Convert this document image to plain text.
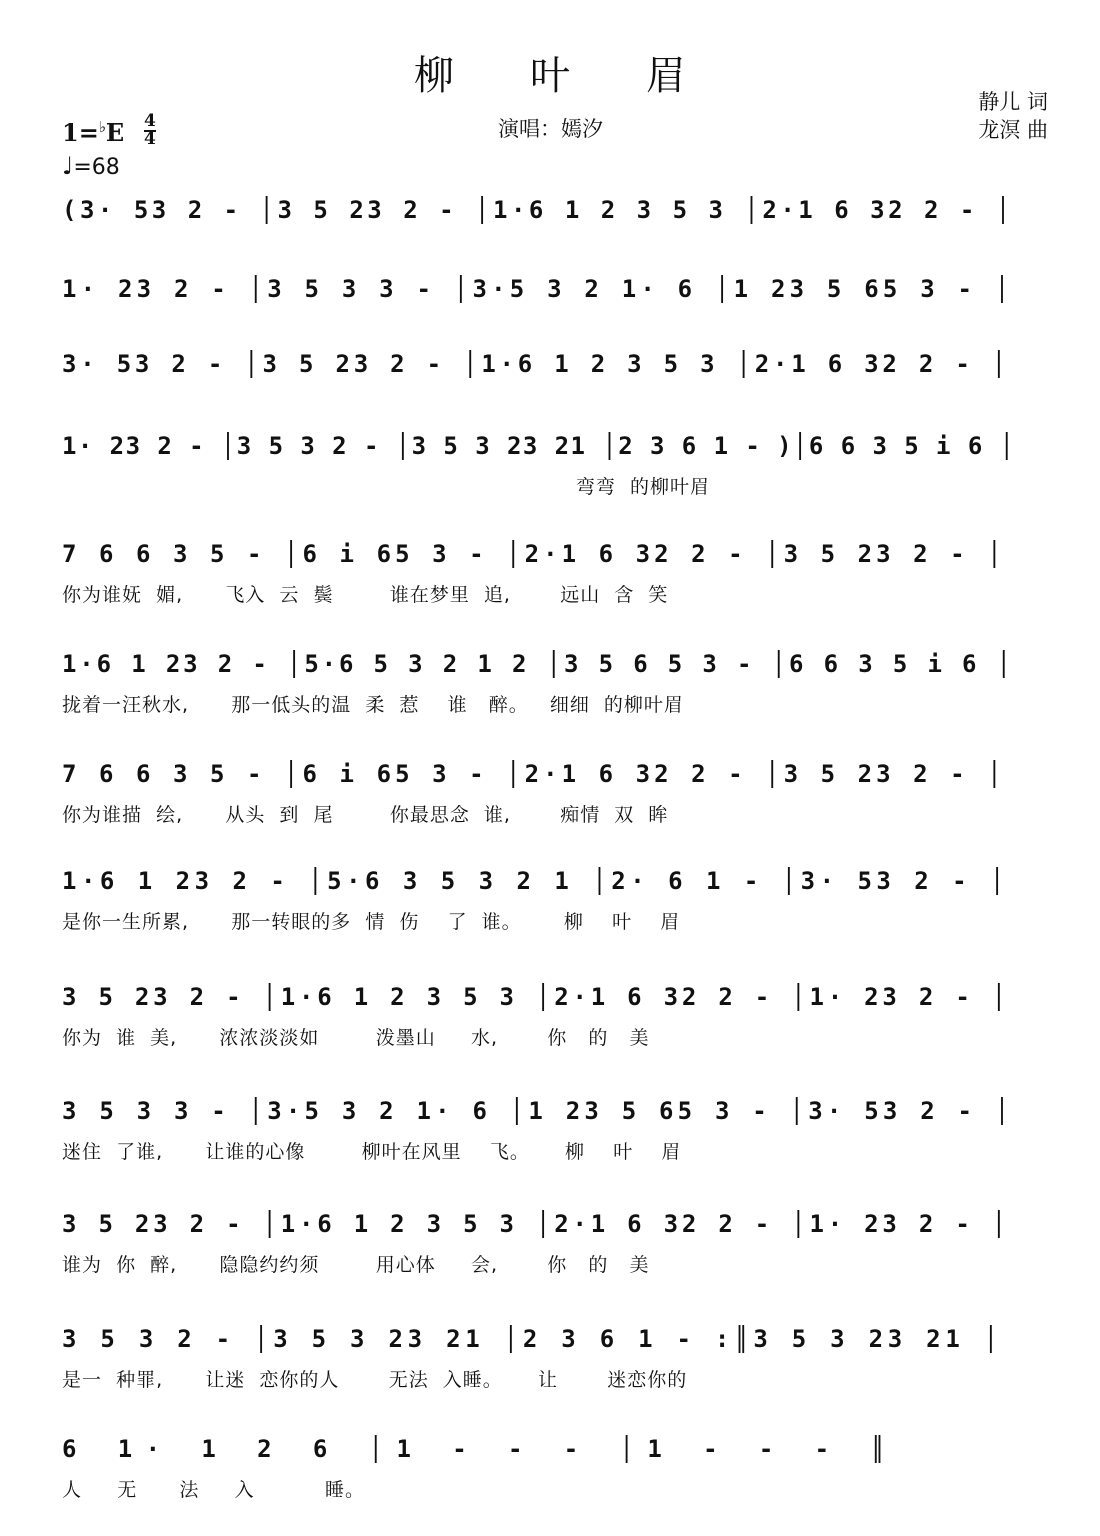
柳 叶 眉
静儿 词
龙溟 曲
演唱：嫣汐
1=♭E 4
4
♩=68
(3· 53 2 - │3 5 23 2 - │1·6 1 2 3 5 3 │2·1 6 32 2 - │
1· 23 2 - │3 5 3 3 - │3·5 3 2 1· 6 │1 23 5 65 3 - │
3· 53 2 - │3 5 23 2 - │1·6 1 2 3 5 3 │2·1 6 32 2 - │
1· 23 2 - │3 5 3 2 - │3 5 3 23 21 │2 3 6 1 - )│6 6 3 5 i 6 │
弯弯  的柳叶眉
7 6 6 3 5 - │6 i 65 3 - │2·1 6 32 2 - │3 5 23 2 - │
你为谁妩  媚,      飞入  云  鬓        谁在梦里  追,       远山  含  笑
1·6 1 23 2 - │5·6 5 3 2 1 2 │3 5 6 5 3 - │6 6 3 5 i 6 │
拢着一汪秋水,      那一低头的温  柔  惹    谁   醉。   细细  的柳叶眉
7 6 6 3 5 - │6 i 65 3 - │2·1 6 32 2 - │3 5 23 2 - │
你为谁描  绘,      从头  到  尾        你最思念  谁,       痴情  双  眸
1·6 1 23 2 - │5·6 3 5 3 2 1 │2· 6 1 - │3· 53 2 - │
是你一生所累,      那一转眼的多  情  伤    了  谁。      柳    叶    眉
3 5 23 2 - │1·6 1 2 3 5 3 │2·1 6 32 2 - │1· 23 2 - │
你为  谁  美,      浓浓淡淡如        泼墨山     水,       你   的   美
3 5 3 3 - │3·5 3 2 1· 6 │1 23 5 65 3 - │3· 53 2 - │
迷住  了谁,      让谁的心像        柳叶在风里    飞。     柳    叶    眉
3 5 23 2 - │1·6 1 2 3 5 3 │2·1 6 32 2 - │1· 23 2 - │
谁为  你  醉,      隐隐约约须        用心体     会,       你   的   美
3 5 3 2 - │3 5 3 23 21 │2 3 6 1 - :║3 5 3 23 21 │
是一  种罪,      让迷  恋你的人       无法  入睡。     让       迷恋你的
6 1· 1 2 6 │1 - - - │1 - - - ║
人     无      法     入          睡。
